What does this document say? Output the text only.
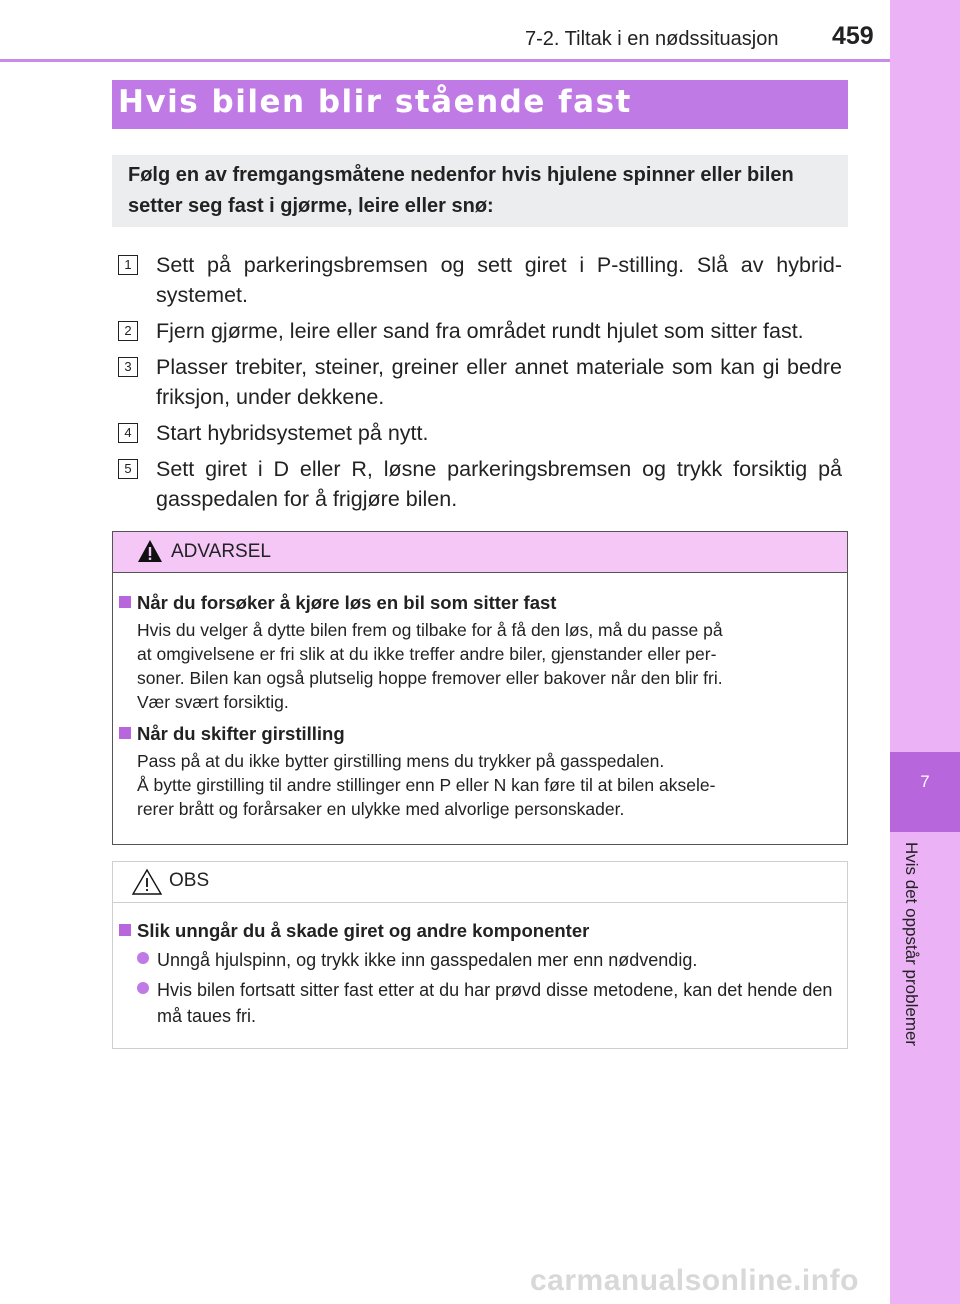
7-2. Tiltak i en nødssituasjon 459
7
Hvis det oppstår problemer
Hvis bilen blir stående fast
Følg en av fremgangsmåtene nedenfor hvis hjulene spinner eller bilen setter seg fast i gjørme, leire eller snø:
1 Sett på parkeringsbremsen og sett giret i P-stilling. Slå av hybrid-systemet.
2 Fjern gjørme, leire eller sand fra området rundt hjulet som sitter fast.
3 Plasser trebiter, steiner, greiner eller annet materiale som kan gi bedre friksjon, under dekkene.
4 Start hybridsystemet på nytt.
5 Sett giret i D eller R, løsne parkeringsbremsen og trykk forsiktig på gasspedalen for å frigjøre bilen.
ADVARSEL
Når du forsøker å kjøre løs en bil som sitter fast
Hvis du velger å dytte bilen frem og tilbake for å få den løs, må du passe på
at omgivelsene er fri slik at du ikke treffer andre biler, gjenstander eller per-
soner. Bilen kan også plutselig hoppe fremover eller bakover når den blir fri.
Vær svært forsiktig.
Når du skifter girstilling
Pass på at du ikke bytter girstilling mens du trykker på gasspedalen.
Å bytte girstilling til andre stillinger enn P eller N kan føre til at bilen aksele-
rerer brått og forårsaker en ulykke med alvorlige personskader.
OBS
Slik unngår du å skade giret og andre komponenter
Unngå hjulspinn, og trykk ikke inn gasspedalen mer enn nødvendig.
Hvis bilen fortsatt sitter fast etter at du har prøvd disse metodene, kan det hende den må taues fri.
carmanualsonline.info
